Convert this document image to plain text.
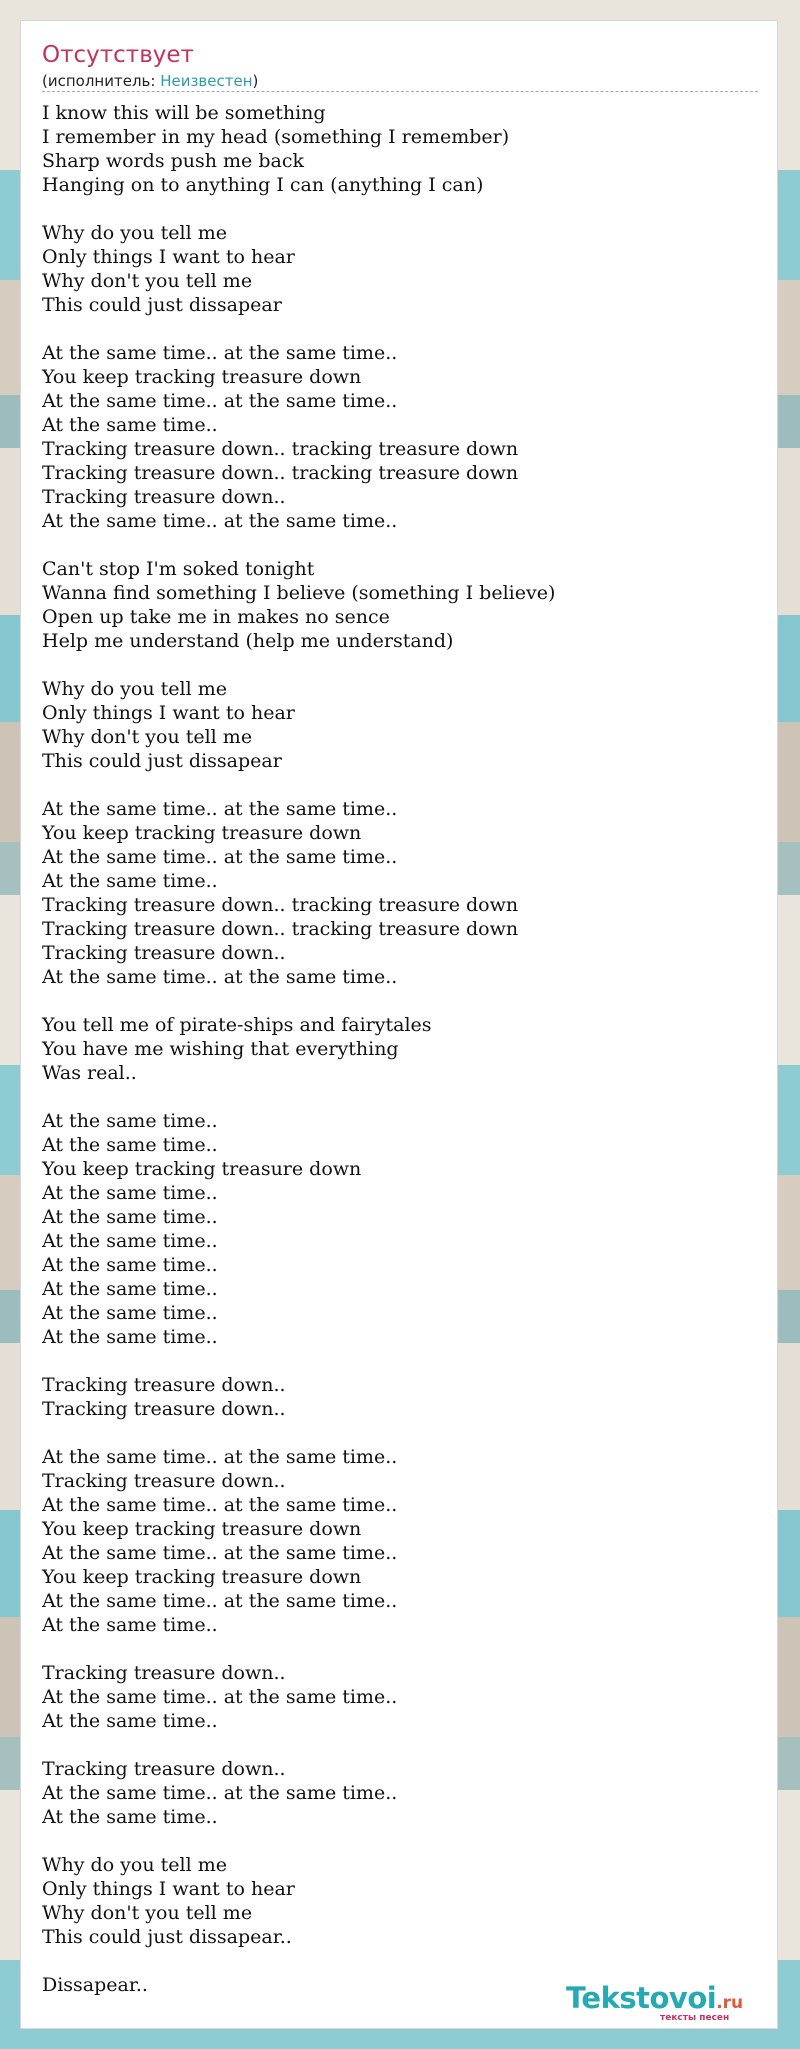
Отсутствует
(исполнитель: Неизвестен)
I know this will be something
I remember in my head (something I remember)
Sharp words push me back
Hanging on to anything I can (anything I can)
Why do you tell me
Only things I want to hear
Why don't you tell me
This could just dissapear
At the same time.. at the same time..
You keep tracking treasure down
At the same time.. at the same time..
At the same time..
Tracking treasure down.. tracking treasure down
Tracking treasure down.. tracking treasure down
Tracking treasure down..
At the same time.. at the same time..
Can't stop I'm soked tonight
Wanna find something I believe (something I believe)
Open up take me in makes no sence
Help me understand (help me understand)
Why do you tell me
Only things I want to hear
Why don't you tell me
This could just dissapear
At the same time.. at the same time..
You keep tracking treasure down
At the same time.. at the same time..
At the same time..
Tracking treasure down.. tracking treasure down
Tracking treasure down.. tracking treasure down
Tracking treasure down..
At the same time.. at the same time..
You tell me of pirate-ships and fairytales
You have me wishing that everything
Was real..
At the same time..
At the same time..
You keep tracking treasure down
At the same time..
At the same time..
At the same time..
At the same time..
At the same time..
At the same time..
At the same time..
Tracking treasure down..
Tracking treasure down..
At the same time.. at the same time..
Tracking treasure down..
At the same time.. at the same time..
You keep tracking treasure down
At the same time.. at the same time..
You keep tracking treasure down
At the same time.. at the same time..
At the same time..
Tracking treasure down..
At the same time.. at the same time..
At the same time..
Tracking treasure down..
At the same time.. at the same time..
At the same time..
Why do you tell me
Only things I want to hear
Why don't you tell me
This could just dissapear..
Dissapear..	Tekstovoi.ru
тексты песен
